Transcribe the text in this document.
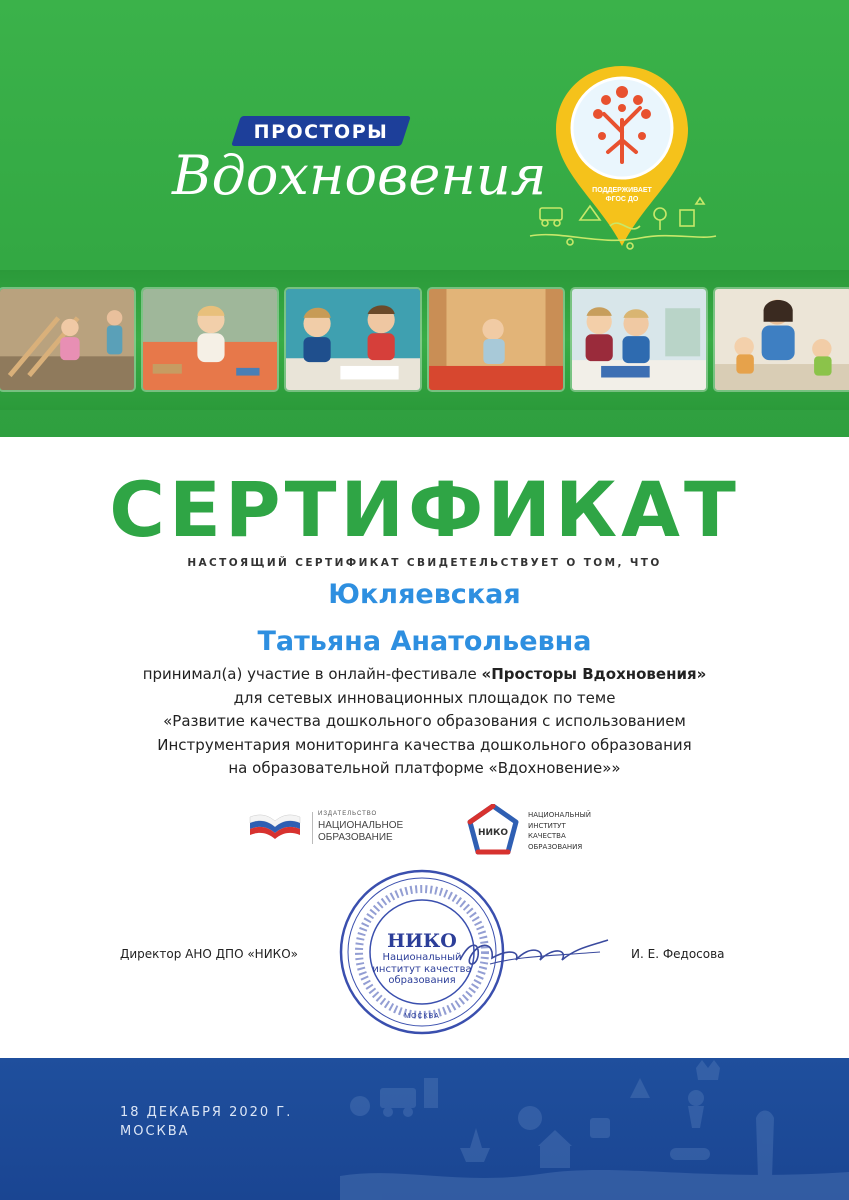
ПРОСТОРЫ
Вдохновения	ПОДДЕРЖИВАЕТ
ФГОС ДО
СЕРТИФИКАТ
НАСТОЯЩИЙ СЕРТИФИКАТ СВИДЕТЕЛЬСТВУЕТ О ТОМ, ЧТО
Юкляевская
Татьяна Анатольевна
принимал(а) участие в онлайн-фестивале «Просторы Вдохновения»
для сетевых инновационных площадок по теме
«Развитие качества дошкольного образования с использованием
Инструментария мониторинга качества дошкольного образования
на образовательной платформе «Вдохновение»»
ИЗДАТЕЛЬСТВО
НАЦИОНАЛЬНОЕ
ОБРАЗОВАНИЕ	НИКО
НАЦИОНАЛЬНЫЙ
ИНСТИТУТ
КАЧЕСТВА
ОБРАЗОВАНИЯ
Директор АНО ДПО «НИКО»	И. Е. Федосова
НИКО
Национальный
институт качества
образования
МОСКВА
18 ДЕКАБРЯ 2020 Г.
МОСКВА
